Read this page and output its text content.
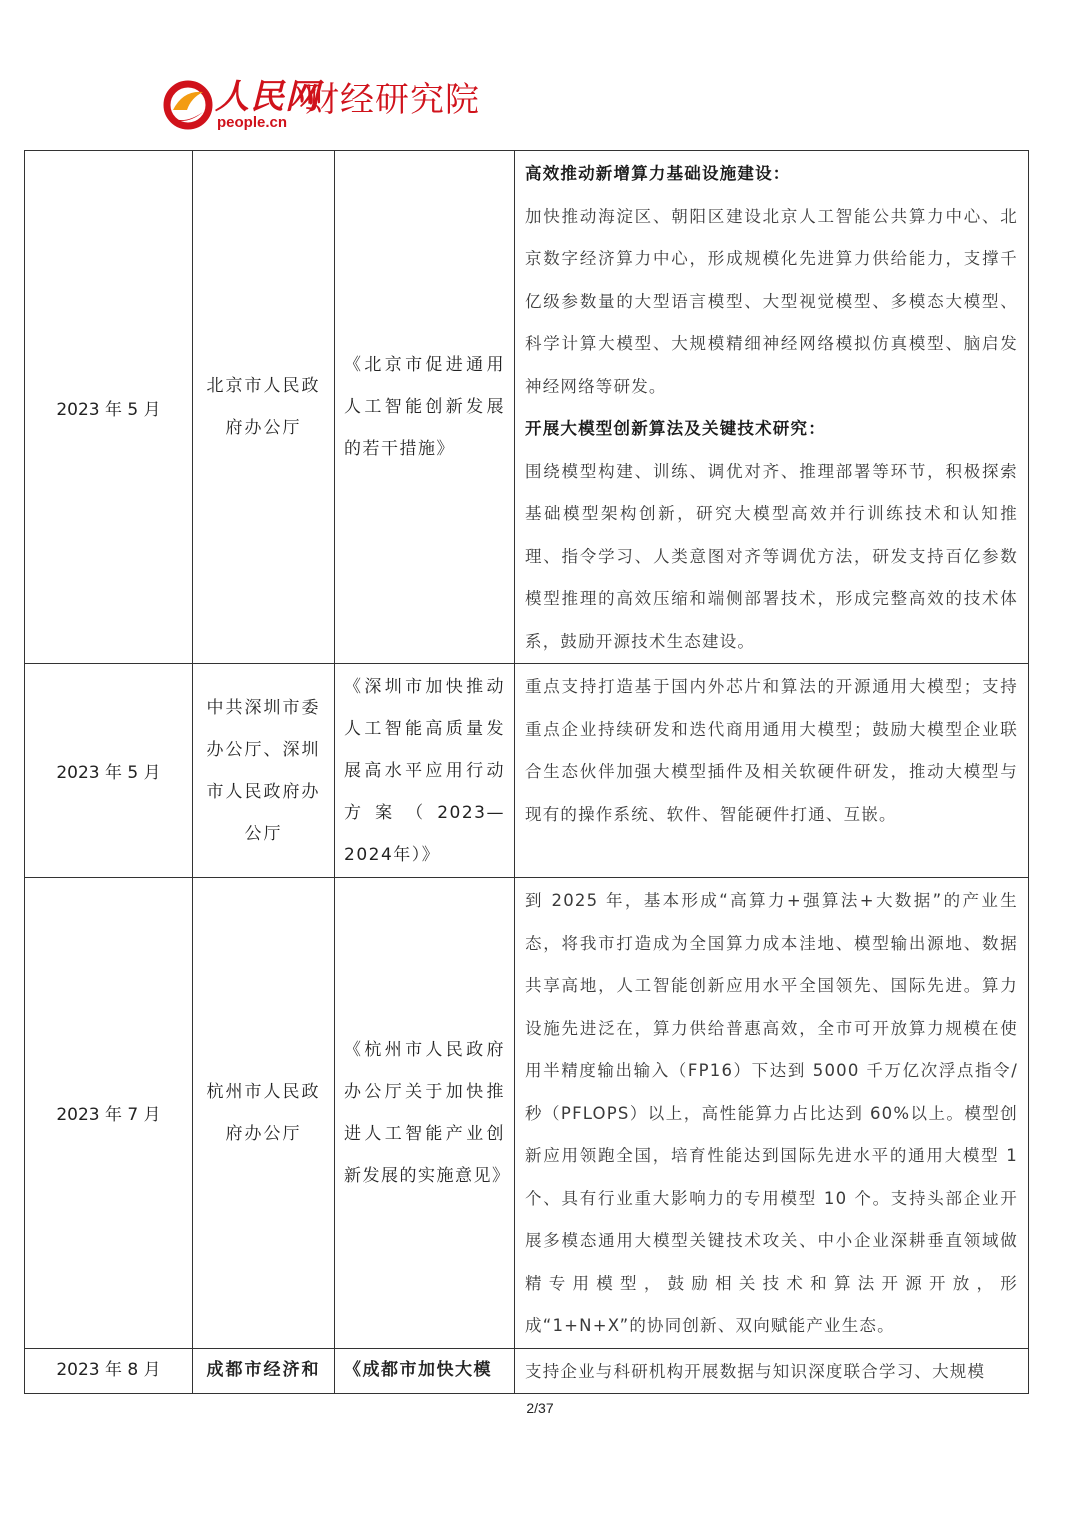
人民网
people.cn
财经研究院
2023 年 5 月	北京市人民政府办公厅	《北京市促进通用人工智能创新发展的若干措施》	高效推动新增算力基础设施建设：
加快推动海淀区、朝阳区建设北京人工智能公共算力中心、北京数字经济算力中心，形成规模化先进算力供给能力，支撑千亿级参数量的大型语言模型、大型视觉模型、多模态大模型、科学计算大模型、大规模精细神经网络模拟仿真模型、脑启发神经网络等研发。
开展大模型创新算法及关键技术研究：
围绕模型构建、训练、调优对齐、推理部署等环节，积极探索基础模型架构创新，研究大模型高效并行训练技术和认知推理、指令学习、人类意图对齐等调优方法，研发支持百亿参数模型推理的高效压缩和端侧部署技术，形成完整高效的技术体系，鼓励开源技术生态建设。

2023 年 5 月	中共深圳市委办公厅、深圳市人民政府办公厅	《深圳市加快推动人工智能高质量发展高水平应用行动方案（2023—2024年）》	重点支持打造基于国内外芯片和算法的开源通用大模型；支持重点企业持续研发和迭代商用通用大模型；鼓励大模型企业联合生态伙伴加强大模型插件及相关软硬件研发，推动大模型与现有的操作系统、软件、智能硬件打通、互嵌。

2023 年 7 月	杭州市人民政府办公厅	《杭州市人民政府办公厅关于加快推进人工智能产业创新发展的实施意见》	到 2025 年，基本形成“高算力+强算法+大数据”的产业生态，将我市打造成为全国算力成本洼地、模型输出源地、数据共享高地，人工智能创新应用水平全国领先、国际先进。算力设施先进泛在，算力供给普惠高效，全市可开放算力规模在使用半精度输出输入（FP16）下达到 5000 千万亿次浮点指令/秒（PFLOPS）以上，高性能算力占比达到 60%以上。模型创新应用领跑全国，培育性能达到国际先进水平的通用大模型 1 个、具有行业重大影响力的专用模型 10 个。支持头部企业开展多模态通用大模型关键技术攻关、中小企业深耕垂直领域做精专用模型，鼓励相关技术和算法开源开放，形成“1+N+X”的协同创新、双向赋能产业生态。

2023 年 8 月	成都市经济和	《成都市加快大模	支持企业与科研机构开展数据与知识深度联合学习、大规模
2/37
